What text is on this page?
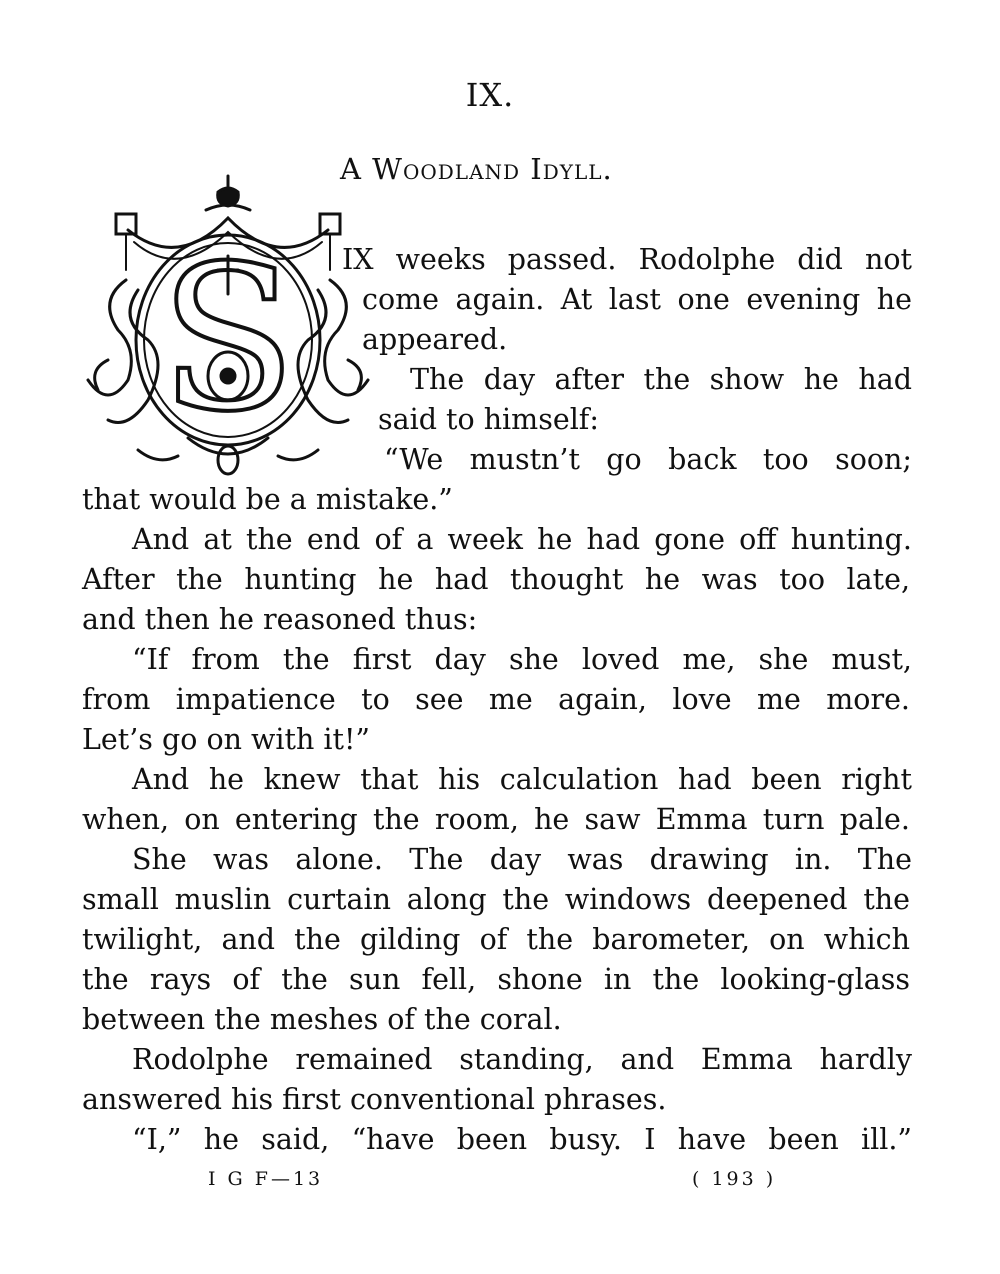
IX.
A Woodland Idyll.
S IX weeks passed. Rodolphe did not
come again. At last one evening he
appeared.
The day after the show he had
said to himself:
“We mustn’t go back too soon;
that would be a mistake.”
And at the end of a week he had gone off hunting.
After the hunting he had thought he was too late,
and then he reasoned thus:
“If from the first day she loved me, she must,
from impatience to see me again, love me more.
Let’s go on with it!”
And he knew that his calculation had been right
when, on entering the room, he saw Emma turn pale.
She was alone. The day was drawing in. The
small muslin curtain along the windows deepened the
twilight, and the gilding of the barometer, on which
the rays of the sun fell, shone in the looking-glass
between the meshes of the coral.
Rodolphe remained standing, and Emma hardly
answered his first conventional phrases.
“I,” he said, “have been busy. I have been ill.”
I G F—13	( 193 )
